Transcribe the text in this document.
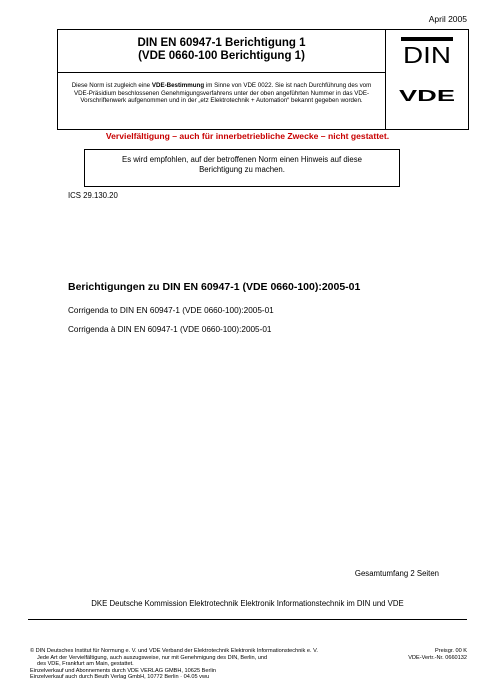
April 2005
DIN EN 60947-1 Berichtigung 1
(VDE 0660-100 Berichtigung 1)
Diese Norm ist zugleich eine VDE-Bestimmung im Sinne von VDE 0022. Sie ist nach Durchführung des vom VDE-Präsidium beschlossenen Genehmigungsverfahrens unter der oben angeführten Nummer in das VDE-Vorschriftenwerk aufgenommen und in der „etz Elektrotechnik + Automation“ bekannt gegeben worden.
DIN
VDE
Vervielfältigung – auch für innerbetriebliche Zwecke – nicht gestattet.
Es wird empfohlen, auf der betroffenen Norm einen Hinweis auf diese
Berichtigung zu machen.
ICS 29.130.20
Berichtigungen zu DIN EN 60947-1 (VDE 0660-100):2005-01
Corrigenda to DIN EN 60947-1 (VDE 0660-100):2005-01
Corrigenda à DIN EN 60947-1 (VDE 0660-100):2005-01
Gesamtumfang 2 Seiten
DKE Deutsche Kommission Elektrotechnik Elektronik Informationstechnik im DIN und VDE
© DIN Deutsches Institut für Normung e. V. und VDE Verband der Elektrotechnik Elektronik Informationstechnik e. V.
Jede Art der Vervielfältigung, auch auszugsweise, nur mit Genehmigung des DIN, Berlin, und
des VDE, Frankfurt am Main, gestattet.
Einzelverkauf und Abonnements durch VDE VERLAG GMBH, 10625 Berlin
Einzelverkauf auch durch Beuth Verlag GmbH, 10772 Berlin · 04.05 vwu
Preisgr. 00 K
VDE-Vertr.-Nr. 0660132
